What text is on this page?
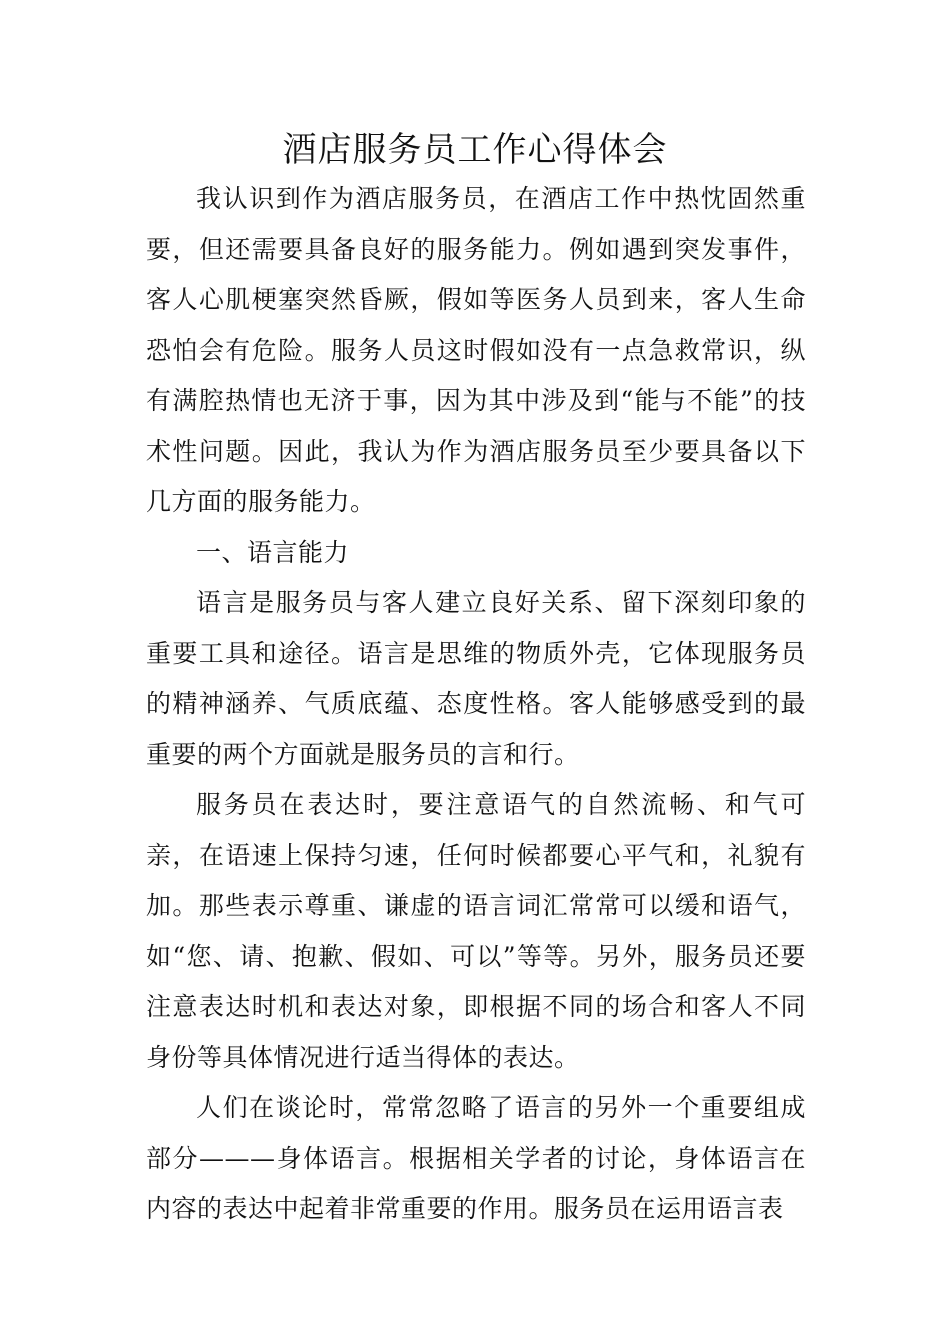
酒店服务员工作心得体会

我认识到作为酒店服务员，在酒店工作中热忱固然重要，但还需要具备良好的服务能力。例如遇到突发事件，客人心肌梗塞突然昏厥，假如等医务人员到来，客人生命恐怕会有危险。服务人员这时假如没有一点急救常识，纵有满腔热情也无济于事，因为其中涉及到“能与不能”的技术性问题。因此，我认为作为酒店服务员至少要具备以下几方面的服务能力。

一、语言能力

语言是服务员与客人建立良好关系、留下深刻印象的重要工具和途径。语言是思维的物质外壳，它体现服务员的精神涵养、气质底蕴、态度性格。客人能够感受到的最重要的两个方面就是服务员的言和行。

服务员在表达时，要注意语气的自然流畅、和气可亲，在语速上保持匀速，任何时候都要心平气和，礼貌有加。那些表示尊重、谦虚的语言词汇常常可以缓和语气，如“您、请、抱歉、假如、可以”等等。另外，服务员还要注意表达时机和表达对象，即根据不同的场合和客人不同身份等具体情况进行适当得体的表达。

人们在谈论时，常常忽略了语言的另外一个重要组成部分———身体语言。根据相关学者的讨论，身体语言在内容的表达中起着非常重要的作用。服务员在运用语言表
